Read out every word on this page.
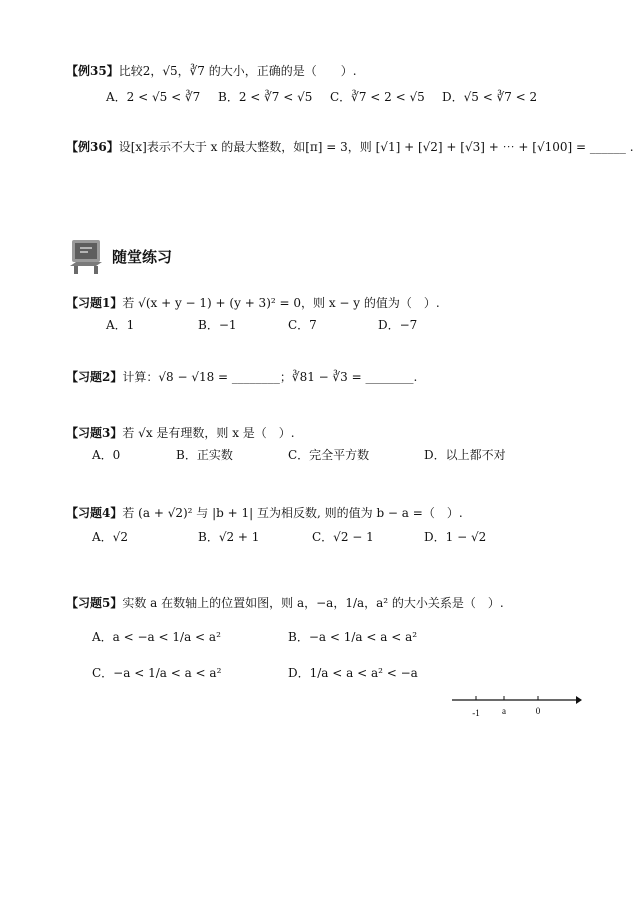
【例35】比较2，√5，∛7 的大小，正确的是（　　）.
A．2 < √5 < ∛7 B．2 < ∛7 < √5 C．∛7 < 2 < √5 D．√5 < ∛7 < 2
【例36】设[x]表示不大于 x 的最大整数，如[π] = 3，则 [√1] + [√2] + [√3] + ⋯ + [√100] = ______ .
随堂练习
【习题1】若 √(x + y − 1) + (y + 3)² = 0，则 x − y 的值为（　）.
A．1	B．−1	C．7	D．−7
【习题2】计算：√8 − √18 = ________；∛81 − ∛3 = ________.
【习题3】若 √x 是有理数，则 x 是（　）.
A．0	B．正实数	C．完全平方数	D．以上都不对
【习题4】若 (a + √2)² 与 |b + 1| 互为相反数, 则的值为 b − a =（　）.
A．√2	B．√2 + 1	C．√2 − 1	D．1 − √2
【习题5】实数 a 在数轴上的位置如图，则 a，−a，1/a，a² 的大小关系是（　）.
A．a < −a < 1/a < a²	B．−a < 1/a < a < a²
C．−a < 1/a < a < a²	D．1/a < a < a² < −a
-1 a	0
